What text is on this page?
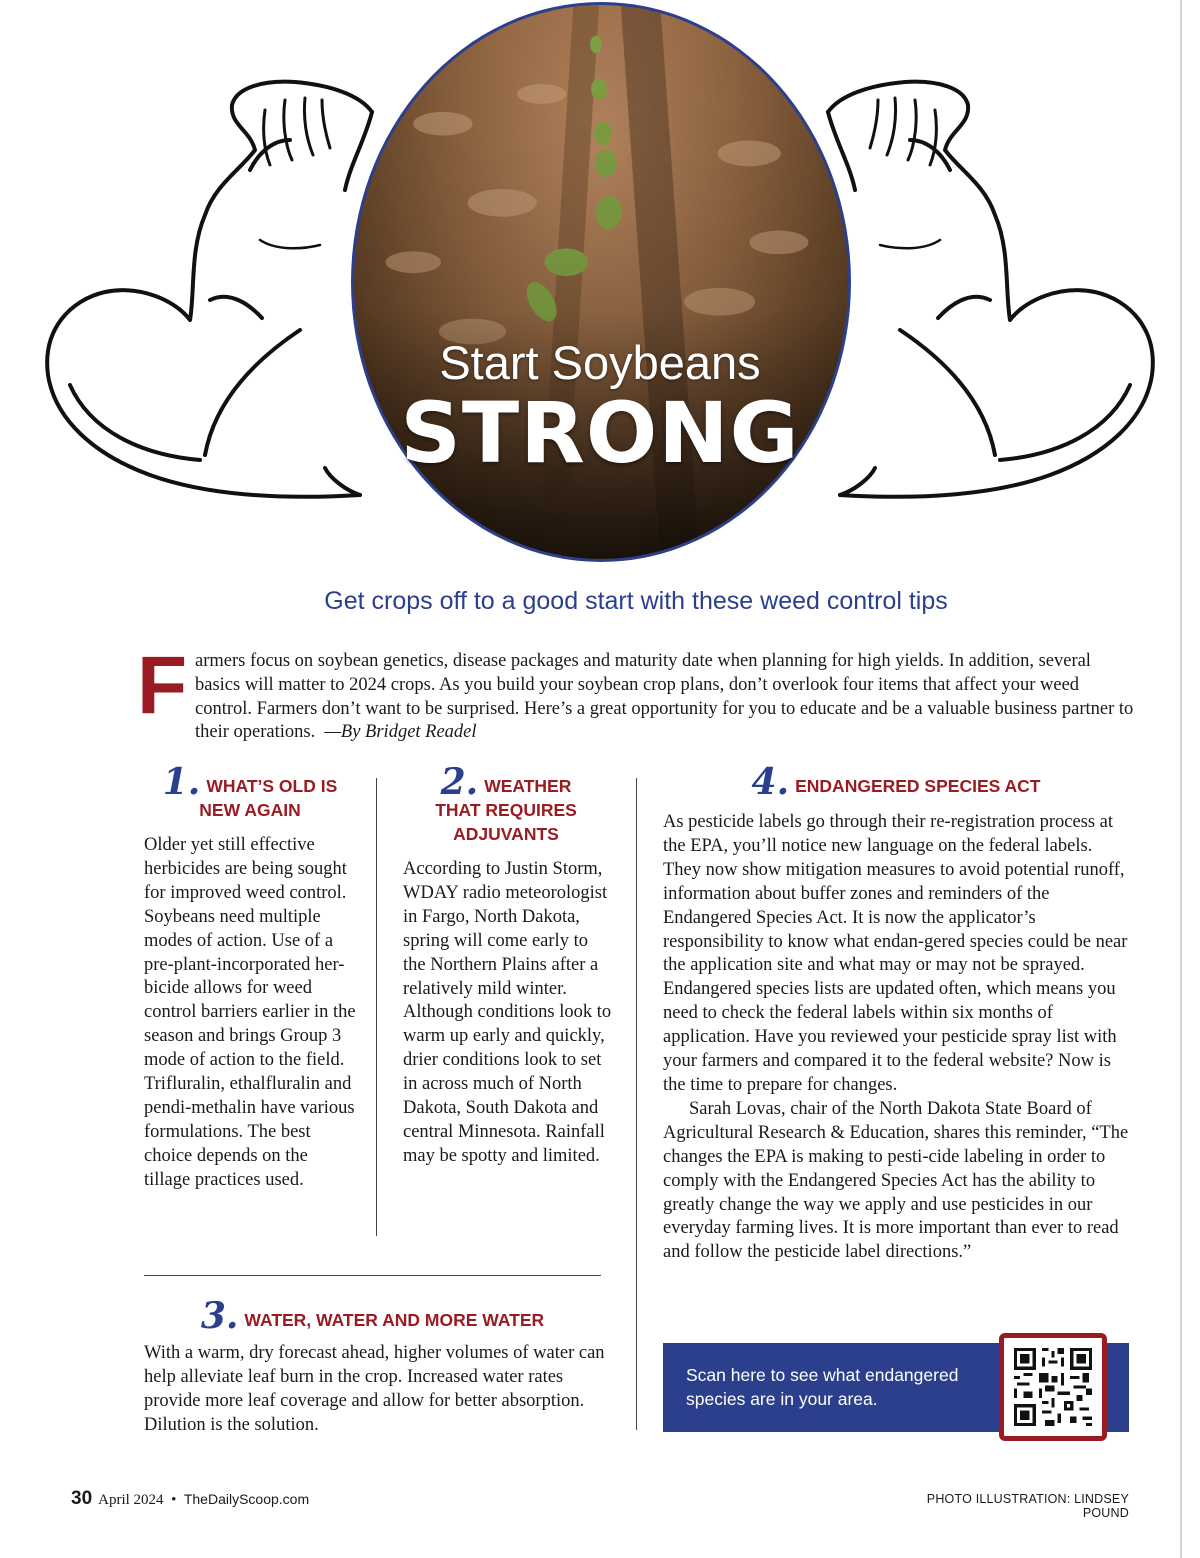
Start Soybeans
STRONG
Get crops off to a good start with these weed control tips
F armers focus on soybean genetics, disease packages and maturity date when planning for high yields. In addition, several basics will matter to 2024 crops. As you build your soybean crop plans, don’t overlook four items that affect your weed control. Farmers don’t want to be surprised. Here’s a great opportunity for you to educate and be a valuable business partner to their operations. —By Bridget Readel

1. WHAT’S OLD IS
NEW AGAIN
Older yet still effective herbicides are being sought for improved weed control. Soybeans need multiple modes of action. Use of a pre-plant-incorporated her-bicide allows for weed control barriers earlier in the season and brings Group 3 mode of action to the field. Trifluralin, ethalfluralin and pendi-methalin have various formulations. The best choice depends on the tillage practices used.
2. WEATHER
THAT REQUIRES
ADJUVANTS
According to Justin Storm, WDAY radio meteorologist in Fargo, North Dakota, spring will come early to the Northern Plains after a relatively mild winter. Although conditions look to warm up early and quickly, drier conditions look to set in across much of North Dakota, South Dakota and central Minnesota. Rainfall may be spotty and limited.
3. WATER, WATER AND MORE WATER
With a warm, dry forecast ahead, higher volumes of water can help alleviate leaf burn in the crop. Increased water rates provide more leaf coverage and allow for better absorption. Dilution is the solution.
4. ENDANGERED SPECIES ACT

As pesticide labels go through their re-registration process at the EPA, you’ll notice new language on the federal labels. They now show mitigation measures to avoid potential runoff, information about buffer zones and reminders of the Endangered Species Act. It is now the applicator’s responsibility to know what endan-gered species could be near the application site and what may or may not be sprayed. Endangered species lists are updated often, which means you need to check the federal labels within six months of application. Have you reviewed your pesticide spray list with your farmers and compared it to the federal website? Now is the time to prepare for changes.

Sarah Lovas, chair of the North Dakota State Board of Agricultural Research & Education, shares this reminder, “The changes the EPA is making to pesti-cide labeling in order to comply with the Endangered Species Act has the ability to greatly change the way we apply and use pesticides in our everyday farming lives. It is more important than ever to read and follow the pesticide label directions.”

Scan here to see what endangered species are in your area.
30 April 2024 • TheDailyScoop.com	PHOTO ILLUSTRATION: LINDSEY POUND
